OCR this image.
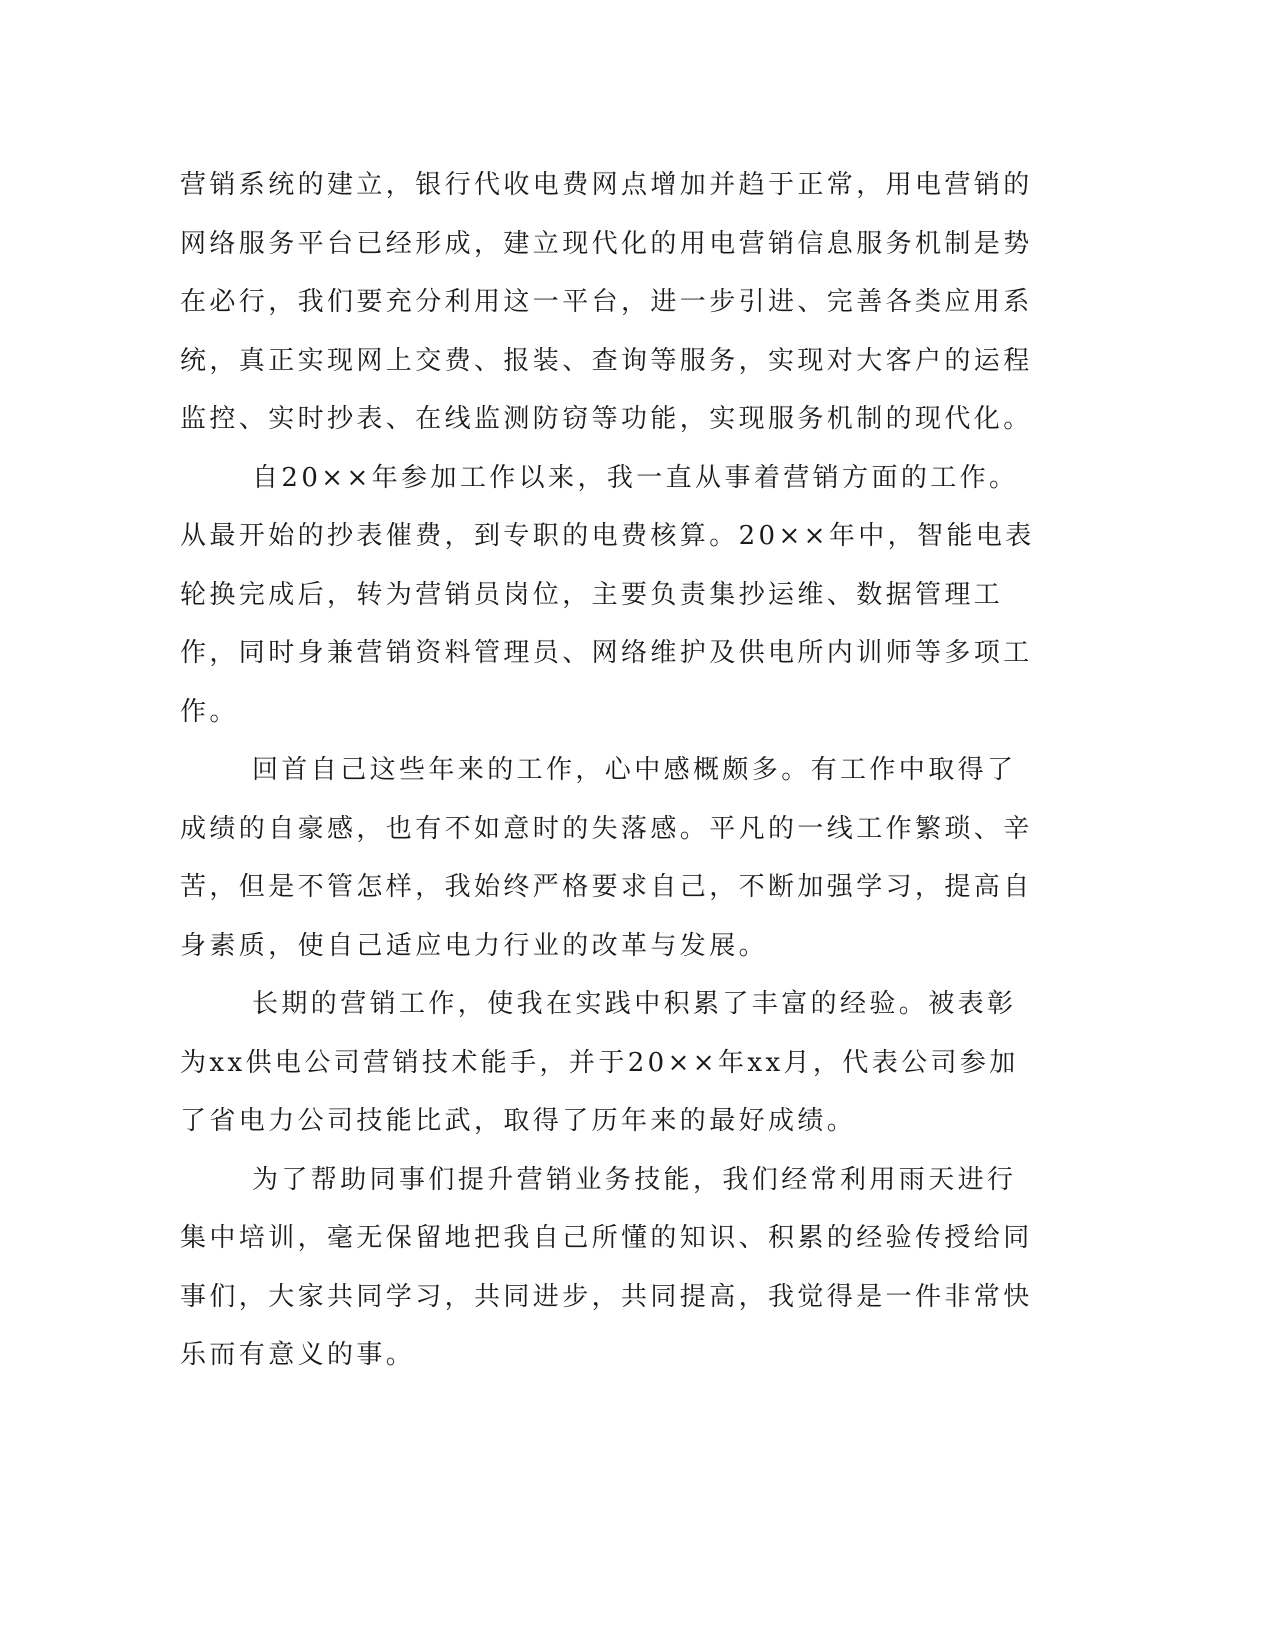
营销系统的建立，银行代收电费网点增加并趋于正常，用电营销的网络服务平台已经形成，建立现代化的用电营销信息服务机制是势在必行，我们要充分利用这一平台，进一步引进、完善各类应用系统，真正实现网上交费、报装、查询等服务，实现对大客户的运程监控、实时抄表、在线监测防窃等功能，实现服务机制的现代化。

自20××年参加工作以来，我一直从事着营销方面的工作。从最开始的抄表催费，到专职的电费核算。20××年中，智能电表轮换完成后，转为营销员岗位，主要负责集抄运维、数据管理工作，同时身兼营销资料管理员、网络维护及供电所内训师等多项工作。

回首自己这些年来的工作，心中感概颇多。有工作中取得了成绩的自豪感，也有不如意时的失落感。平凡的一线工作繁琐、辛苦，但是不管怎样，我始终严格要求自己，不断加强学习，提高自身素质，使自己适应电力行业的改革与发展。

长期的营销工作，使我在实践中积累了丰富的经验。被表彰为xx供电公司营销技术能手，并于20××年xx月，代表公司参加了省电力公司技能比武，取得了历年来的最好成绩。

为了帮助同事们提升营销业务技能，我们经常利用雨天进行集中培训，毫无保留地把我自己所懂的知识、积累的经验传授给同事们，大家共同学习，共同进步，共同提高，我觉得是一件非常快乐而有意义的事。
